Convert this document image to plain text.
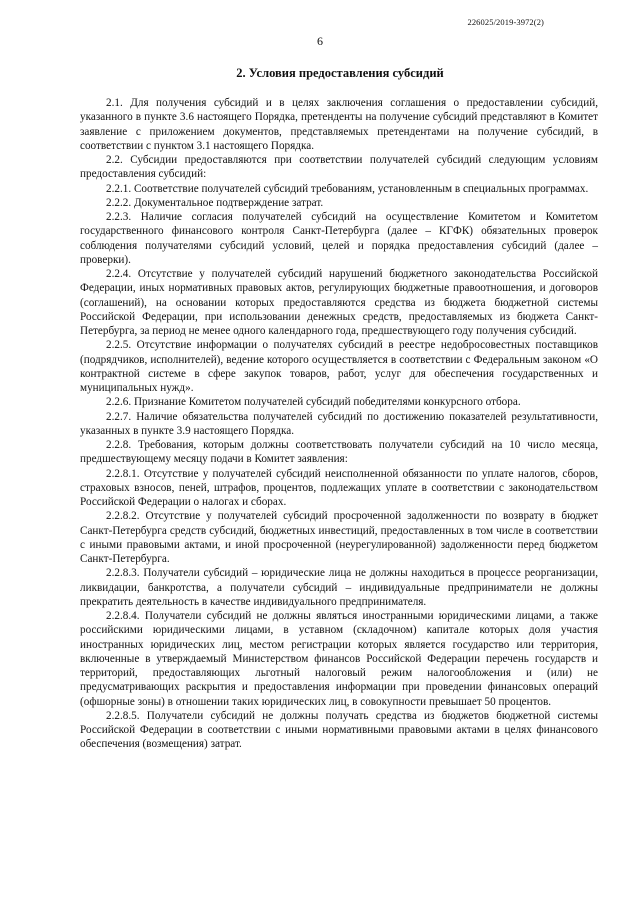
226025/2019-3972(2)
6
2. Условия предоставления субсидий

2.1. Для получения субсидий и в целях заключения соглашения о предоставлении субсидий, указанного в пункте 3.6 настоящего Порядка, претенденты на получение субсидий представляют в Комитет заявление с приложением документов, представляемых претендентами на получение субсидий, в соответствии с пунктом 3.1 настоящего Порядка.

2.2. Субсидии предоставляются при соответствии получателей субсидий следующим условиям предоставления субсидий:

2.2.1. Соответствие получателей субсидий требованиям, установленным в специальных программах.

2.2.2. Документальное подтверждение затрат.

2.2.3. Наличие согласия получателей субсидий на осуществление Комитетом и Комитетом государственного финансового контроля Санкт-Петербурга (далее – КГФК) обязательных проверок соблюдения получателями субсидий условий, целей и порядка предоставления субсидий (далее – проверки).

2.2.4. Отсутствие у получателей субсидий нарушений бюджетного законодательства Российской Федерации, иных нормативных правовых актов, регулирующих бюджетные правоотношения, и договоров (соглашений), на основании которых предоставляются средства из бюджета бюджетной системы Российской Федерации, при использовании денежных средств, предоставляемых из бюджета Санкт-Петербурга, за период не менее одного календарного года, предшествующего году получения субсидий.

2.2.5. Отсутствие информации о получателях субсидий в реестре недобросовестных поставщиков (подрядчиков, исполнителей), ведение которого осуществляется в соответствии с Федеральным законом «О контрактной системе в сфере закупок товаров, работ, услуг для обеспечения государственных и муниципальных нужд».

2.2.6. Признание Комитетом получателей субсидий победителями конкурсного отбора.

2.2.7. Наличие обязательства получателей субсидий по достижению показателей результативности, указанных в пункте 3.9 настоящего Порядка.

2.2.8. Требования, которым должны соответствовать получатели субсидий на 10 число месяца, предшествующему месяцу подачи в Комитет заявления:

2.2.8.1. Отсутствие у получателей субсидий неисполненной обязанности по уплате налогов, сборов, страховых взносов, пеней, штрафов, процентов, подлежащих уплате в соответствии с законодательством Российской Федерации о налогах и сборах.

2.2.8.2. Отсутствие у получателей субсидий просроченной задолженности по возврату в бюджет Санкт-Петербурга средств субсидий, бюджетных инвестиций, предоставленных в том числе в соответствии с иными правовыми актами, и иной просроченной (неурегулированной) задолженности перед бюджетом Санкт-Петербурга.

2.2.8.3. Получатели субсидий – юридические лица не должны находиться в процессе реорганизации, ликвидации, банкротства, а получатели субсидий – индивидуальные предприниматели не должны прекратить деятельность в качестве индивидуального предпринимателя.

2.2.8.4. Получатели субсидий не должны являться иностранными юридическими лицами, а также российскими юридическими лицами, в уставном (складочном) капитале которых доля участия иностранных юридических лиц, местом регистрации которых является государство или территория, включенные в утверждаемый Министерством финансов Российской Федерации перечень государств и территорий, предоставляющих льготный налоговый режим налогообложения и (или) не предусматривающих раскрытия и предоставления информации при проведении финансовых операций (офшорные зоны) в отношении таких юридических лиц, в совокупности превышает 50 процентов.

2.2.8.5. Получатели субсидий не должны получать средства из бюджетов бюджетной системы Российской Федерации в соответствии с иными нормативными правовыми актами в целях финансового обеспечения (возмещения) затрат.
